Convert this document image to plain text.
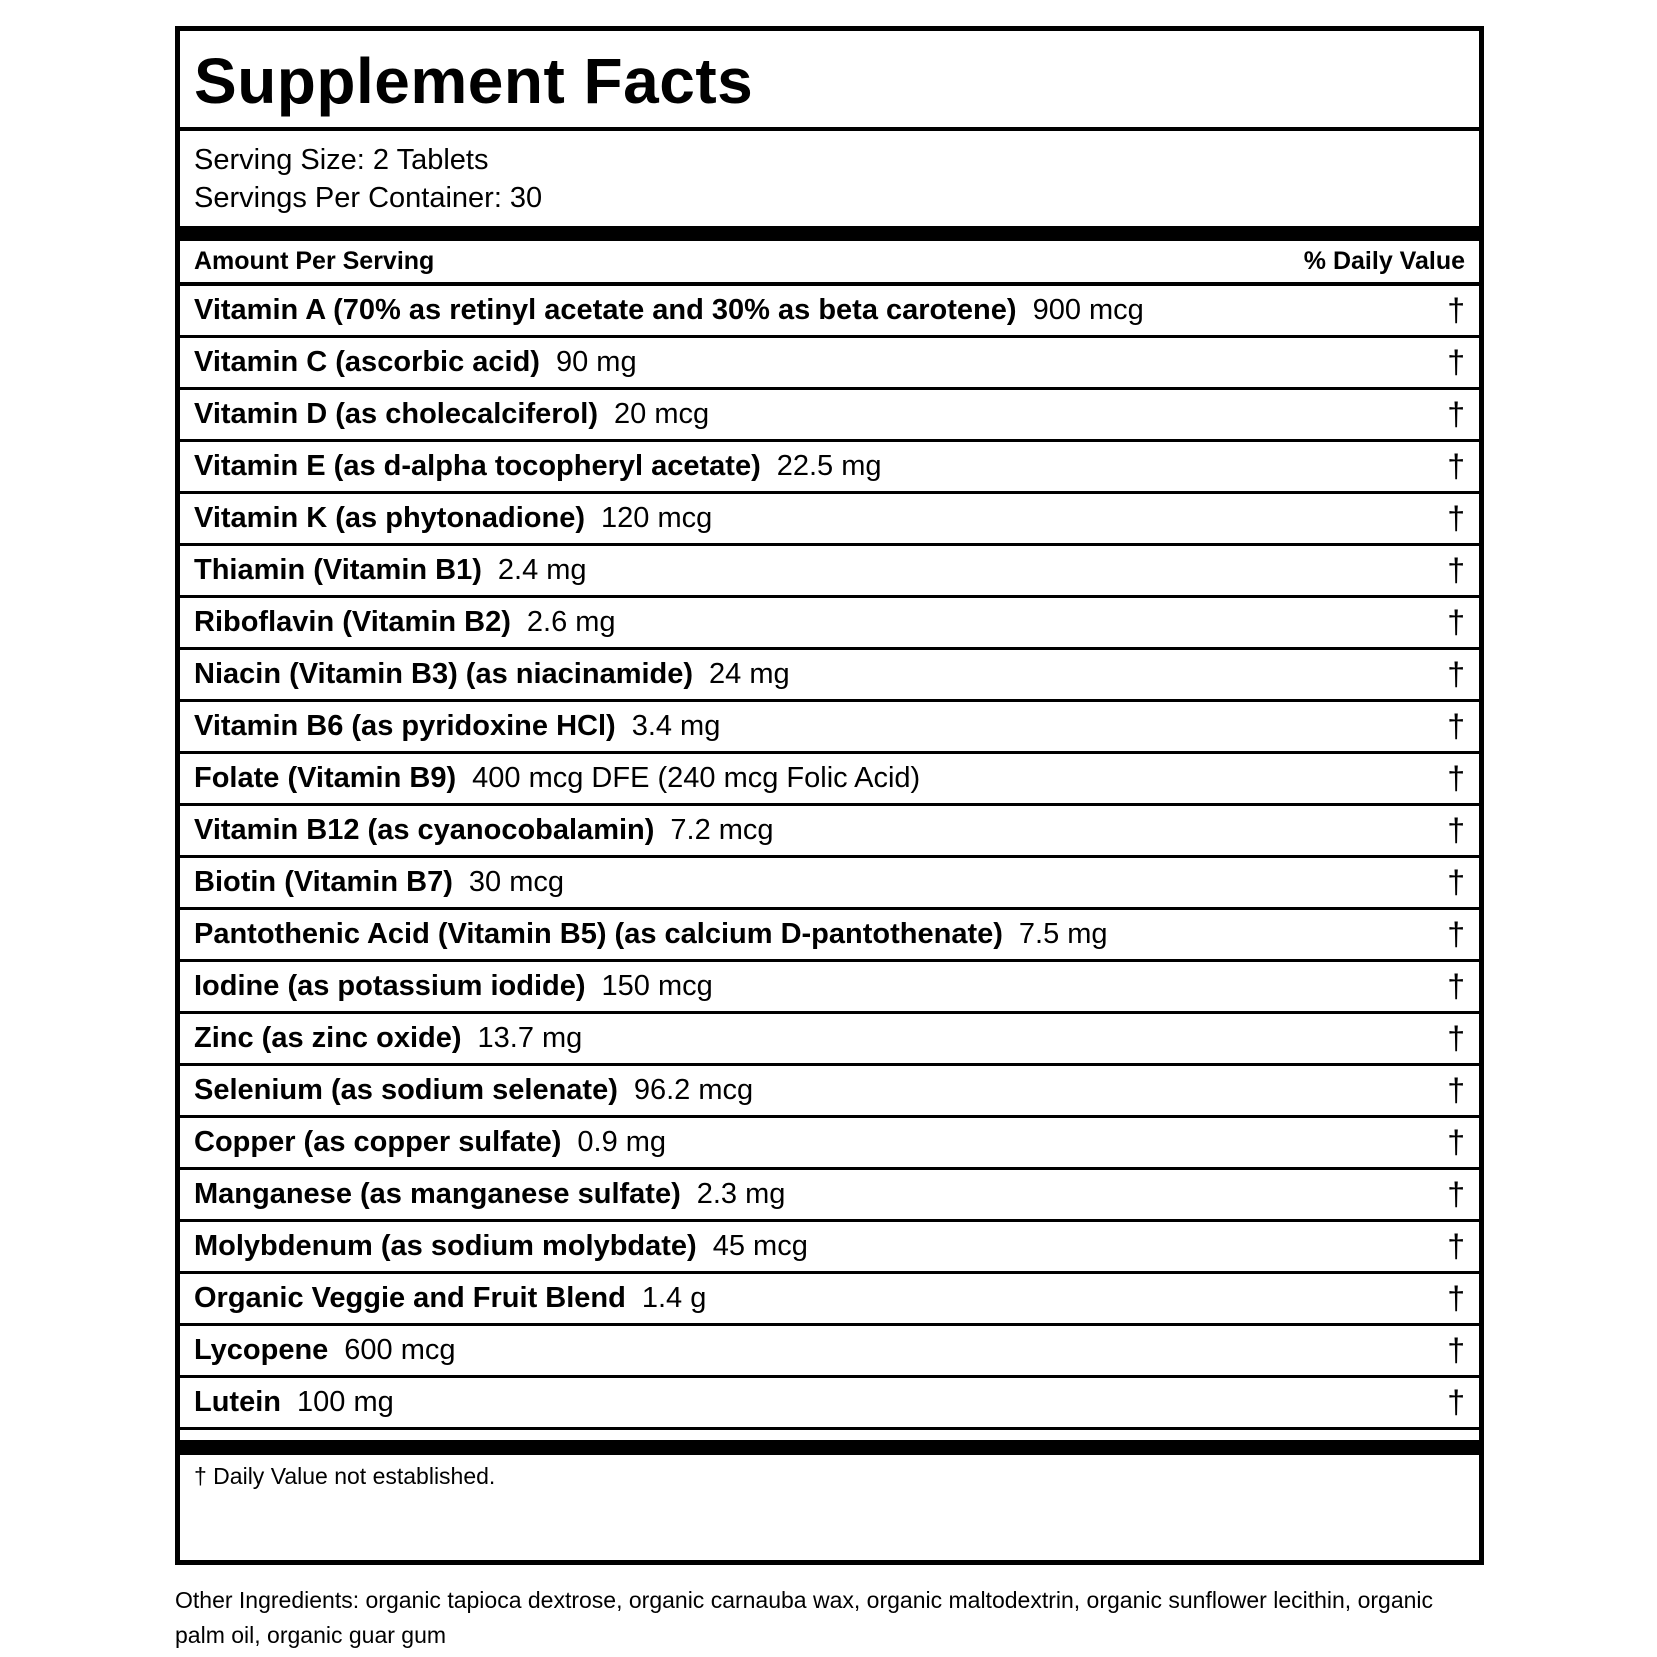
Supplement Facts
Serving Size: 2 Tablets
Servings Per Container: 30
Amount Per Serving	% Daily Value
Vitamin A (70% as retinyl acetate and 30% as beta carotene) 900 mcg	†
Vitamin C (ascorbic acid) 90 mg	†
Vitamin D (as cholecalciferol) 20 mcg	†
Vitamin E (as d-alpha tocopheryl acetate) 22.5 mg	†
Vitamin K (as phytonadione) 120 mcg	†
Thiamin (Vitamin B1) 2.4 mg	†
Riboflavin (Vitamin B2) 2.6 mg	†
Niacin (Vitamin B3) (as niacinamide) 24 mg	†
Vitamin B6 (as pyridoxine HCl) 3.4 mg	†
Folate (Vitamin B9) 400 mcg DFE (240 mcg Folic Acid)	†
Vitamin B12 (as cyanocobalamin) 7.2 mcg	†
Biotin (Vitamin B7) 30 mcg	†
Pantothenic Acid (Vitamin B5) (as calcium D-pantothenate) 7.5 mg	†
Iodine (as potassium iodide) 150 mcg	†
Zinc (as zinc oxide) 13.7 mg	†
Selenium (as sodium selenate) 96.2 mcg	†
Copper (as copper sulfate) 0.9 mg	†
Manganese (as manganese sulfate) 2.3 mg	†
Molybdenum (as sodium molybdate) 45 mcg	†
Organic Veggie and Fruit Blend 1.4 g	†
Lycopene 600 mcg	†
Lutein 100 mg	†
† Daily Value not established.
Other Ingredients: organic tapioca dextrose, organic carnauba wax, organic maltodextrin, organic sunflower lecithin, organic palm oil, organic guar gum
